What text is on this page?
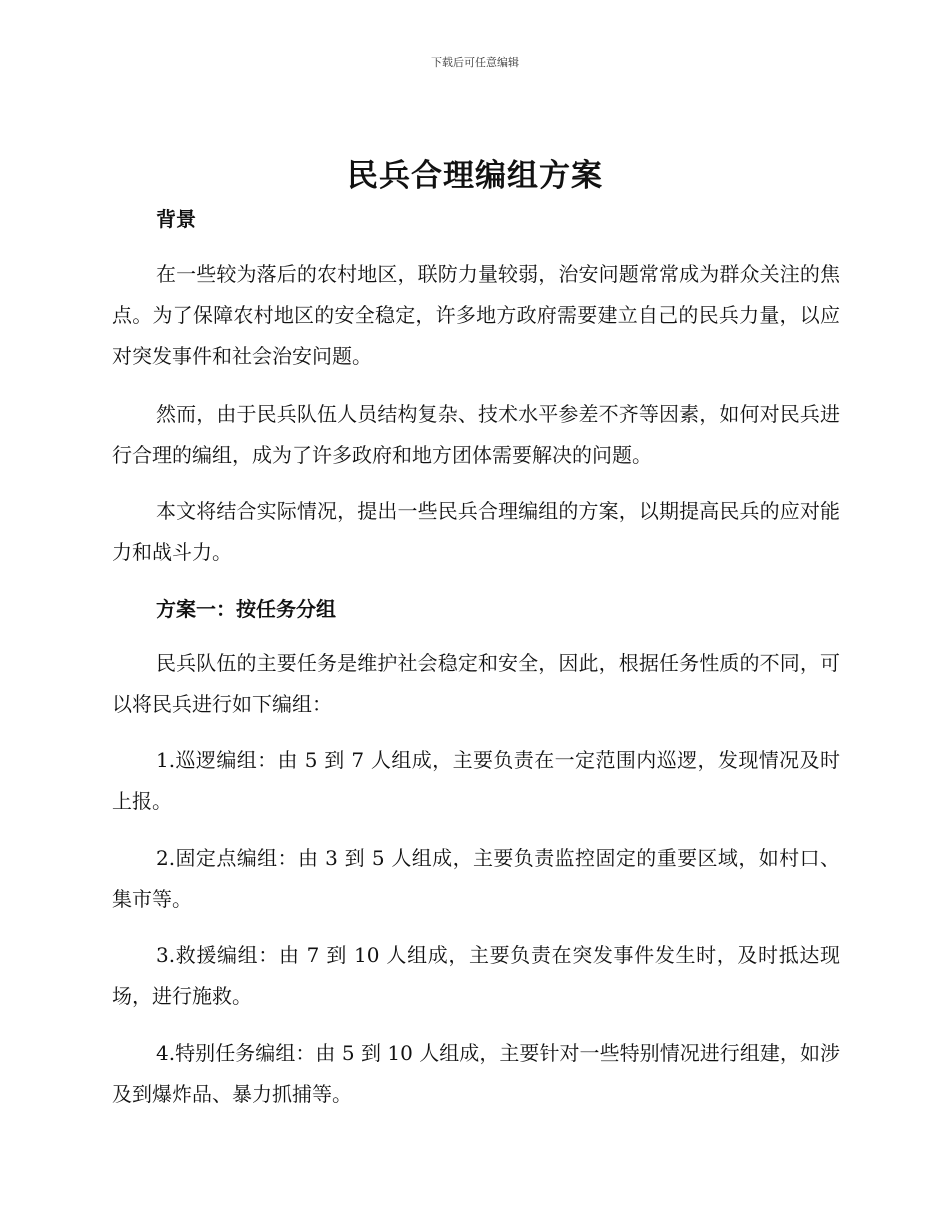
下载后可任意编辑
民兵合理编组方案

背景

在一些较为落后的农村地区，联防力量较弱，治安问题常常成为群众关注的焦点。为了保障农村地区的安全稳定，许多地方政府需要建立自己的民兵力量，以应对突发事件和社会治安问题。

然而，由于民兵队伍人员结构复杂、技术水平参差不齐等因素，如何对民兵进行合理的编组，成为了许多政府和地方团体需要解决的问题。

本文将结合实际情况，提出一些民兵合理编组的方案，以期提高民兵的应对能力和战斗力。

方案一：按任务分组

民兵队伍的主要任务是维护社会稳定和安全，因此，根据任务性质的不同，可以将民兵进行如下编组：

1.巡逻编组：由 5 到 7 人组成，主要负责在一定范围内巡逻，发现情况及时上报。

2.固定点编组：由 3 到 5 人组成，主要负责监控固定的重要区域，如村口、集市等。

3.救援编组：由 7 到 10 人组成，主要负责在突发事件发生时，及时抵达现场，进行施救。

4.特别任务编组：由 5 到 10 人组成，主要针对一些特别情况进行组建，如涉及到爆炸品、暴力抓捕等。
